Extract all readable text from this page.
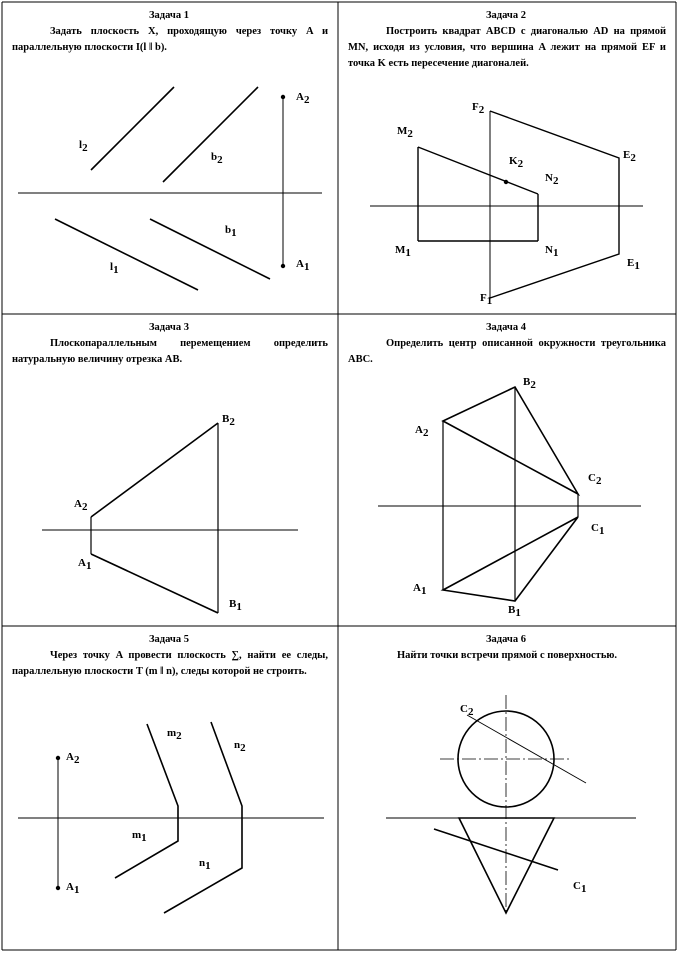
Задача 1
Задать плоскость X, проходящую через точку A и параллельную плоскости I(l ǁ b).
Задача 2
Построить квадрат ABCD с диагональю AD на прямой MN, исходя из условия, что вершина A лежит на прямой EF и точка K есть пересечение диагоналей.
Задача 3
Плоскопараллельным перемещением определить натуральную величину отрезка AB.
Задача 4
Определить центр описанной окружности треугольника ABC.
Задача 5
Через точку A провести плоскость ∑, найти ее следы, параллельную плоскости T (m ǁ n), следы которой не строить.
Задача 6
Найти точки встречи прямой с поверхностью.
l2
b2
b1
l1
A2
A1
F2
M2
K2
N2
E2
M1	N1
E1
F1
B2
A2
A1
B1
B2
A2
C2
C1
A1
B1
m2
n2
A2
m1
n1
A1
C2
C1
